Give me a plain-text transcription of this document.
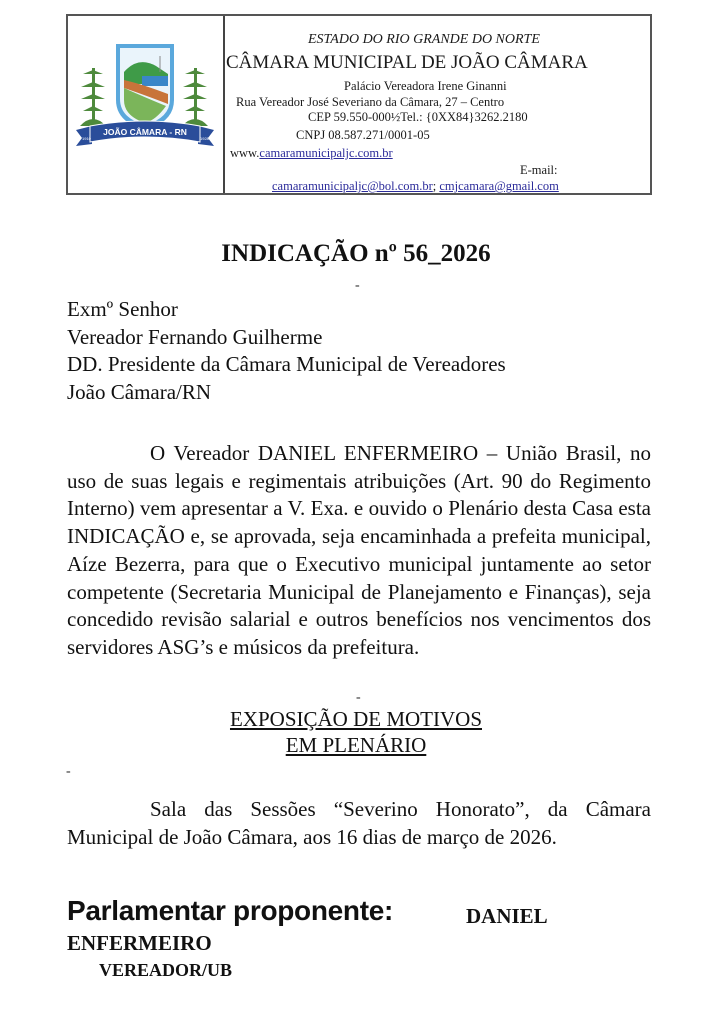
JOÃO CÂMARA - RN
1910	1928
ESTADO DO RIO GRANDE DO NORTE
CÂMARA MUNICIPAL DE JOÃO CÂMARA
Palácio Vereadora Irene Ginanni
Rua Vereador José Severiano da Câmara, 27 – Centro
CEP 59.550-000½Tel.: {0XX84}3262.2180
CNPJ 08.587.271/0001-05
www.camaramunicipaljc.com.br
E-mail:
camaramunicipaljc@bol.com.br; cmjcamara@gmail.com
INDICAÇÃO nº 56_2026
-
Exmº Senhor
Vereador Fernando Guilherme
DD. Presidente da Câmara Municipal de Vereadores
João Câmara/RN
O Vereador DANIEL ENFERMEIRO – União Brasil, no uso de suas legais e regimentais atribuições (Art. 90 do Regimento Interno) vem apresentar a V. Exa. e ouvido o Plenário desta Casa esta INDICAÇÃO e, se aprovada, seja encaminhada a prefeita municipal, Aíze Bezerra, para que o Executivo municipal juntamente ao setor competente (Secretaria Municipal de Planejamento e Finanças), seja concedido revisão salarial e outros benefícios nos vencimentos dos servidores ASG’s e músicos da prefeitura.
-
EXPOSIÇÃO DE MOTIVOS
EM PLENÁRIO
-
Sala das Sessões “Severino Honorato”, da Câmara Municipal de João Câmara, aos 16 dias de março de 2026.
Parlamentar proponente:	DANIEL
ENFERMEIRO
VEREADOR/UB
